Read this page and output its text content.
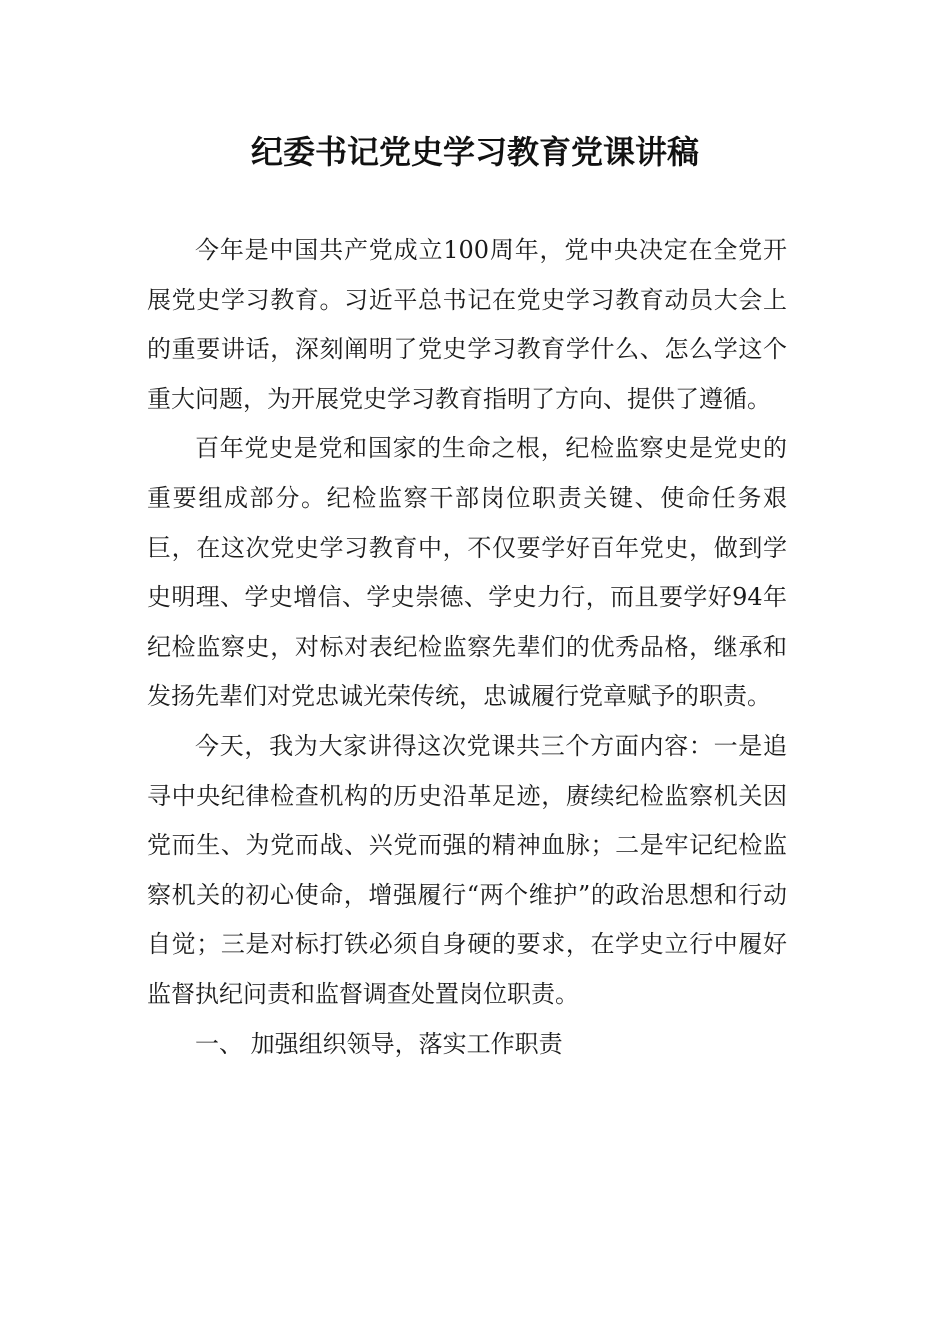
纪委书记党史学习教育党课讲稿

今年是中国共产党成立100周年，党中央决定在全党开展党史学习教育。习近平总书记在党史学习教育动员大会上的重要讲话，深刻阐明了党史学习教育学什么、怎么学这个重大问题，为开展党史学习教育指明了方向、提供了遵循。

百年党史是党和国家的生命之根，纪检监察史是党史的重要组成部分。纪检监察干部岗位职责关键、使命任务艰巨，在这次党史学习教育中，不仅要学好百年党史，做到学史明理、学史增信、学史崇德、学史力行，而且要学好94年纪检监察史，对标对表纪检监察先辈们的优秀品格，继承和发扬先辈们对党忠诚光荣传统，忠诚履行党章赋予的职责。

今天，我为大家讲得这次党课共三个方面内容：一是追寻中央纪律检查机构的历史沿革足迹，赓续纪检监察机关因党而生、为党而战、兴党而强的精神血脉；二是牢记纪检监察机关的初心使命，增强履行“两个维护”的政治思想和行动自觉；三是对标打铁必须自身硬的要求，在学史立行中履好监督执纪问责和监督调查处置岗位职责。

一、 加强组织领导，落实工作职责
